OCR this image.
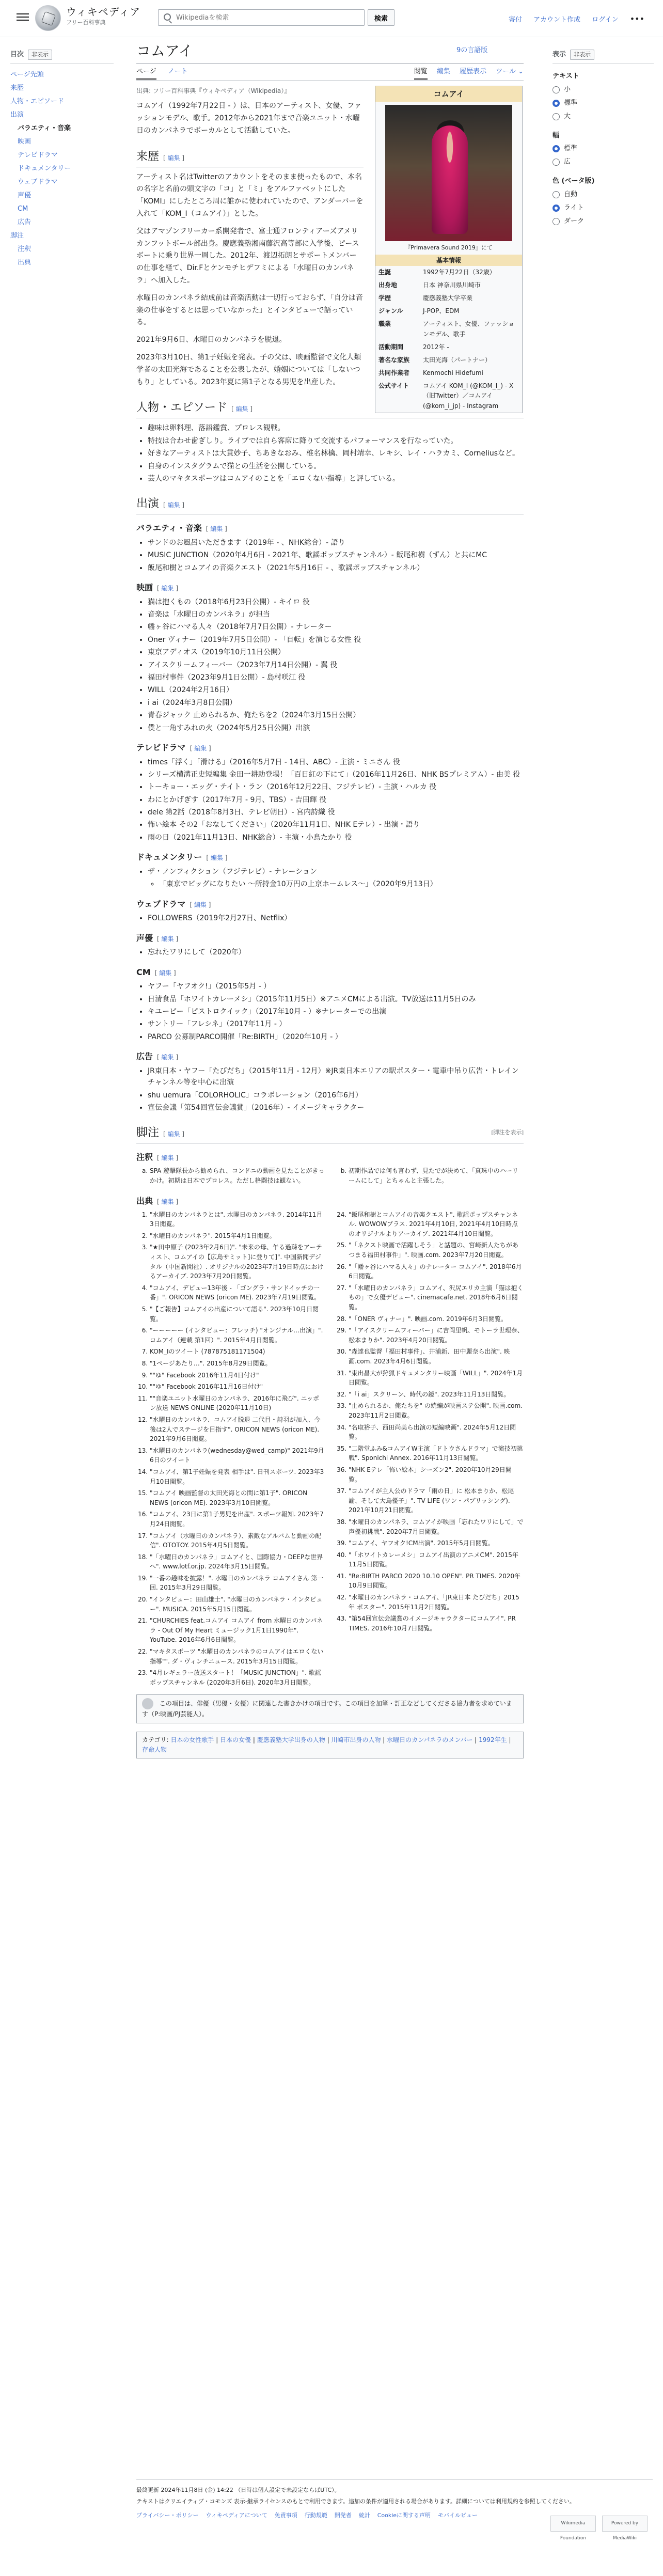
ウィキペディア
フリー百科事典
Wikipediaを検索	検索	寄付 アカウント作成 ログイン •••
目次	非表示
ページ先頭
来歴
人物・エピソード
出演
バラエティ・音楽
映画
テレビドラマ
ドキュメンタリー
ウェブドラマ
声優
CM
広告
脚注
注釈
出典
コムアイ	9の言語版
ページ ノート	閲覧 編集 履歴表示 ツール ⌄
出典: フリー百科事典『ウィキペディア（Wikipedia）』

コムアイ（1992年7月22日 - ）は、日本のアーティスト、女優、ファッションモデル、歌手。2012年から2021年まで音楽ユニット・水曜日のカンパネラでボーカルとして活動していた。

来歴 [ 編集 ]

アーティスト名はTwitterのアカウントをそのまま使ったもので、本名の名字と名前の頭文字の「コ」と「ミ」をアルファベットにした「KOMI」にしたところ周に誰かに使われていたので、アンダーバーを入れて「KOM_I（コムアイ）」とした。

父はアマゾンフリーカー系開発者で、富士通フロンティアーズアメリカンフットボール部出身。慶應義塾湘南藤沢高等部に入学後、ピースボートに乗り世界一周した。2012年、渡辺拓朗とサポートメンバーの仕事を経て、Dir.Fとケンモチヒデフミによる「水曜日のカンパネラ」へ加入した。

水曜日のカンパネラ結成前は音楽活動は一切行っておらず、「自分は音楽の仕事をするとは思っていなかった」とインタビューで語っている。

2021年9月6日、水曜日のカンパネラを脱退。

2023年3月10日、第1子妊娠を発表。子の父は、映画監督で文化人類学者の太田光海であることを公表したが、婚姻については「しないつもり」としている。2023年夏に第1子となる男児を出産した。

コムアイ
『Primavera Sound 2019』にて
基本情報
生誕	1992年7月22日（32歳）
出身地	日本 神奈川県川崎市
学歴	慶應義塾大学卒業
ジャンル	J-POP、EDM
職業	アーティスト、女優、ファッションモデル、歌手
活動期間	2012年 -
著名な家族	太田光海（パートナー）
共同作業者	Kenmochi Hidefumi
公式サイト	コムアイ KOM_I (@KOM_I_) - X（旧Twitter）／コムアイ (@kom_i_jp) - Instagram
人物・エピソード [ 編集 ]
• 趣味は卵料理、落語鑑賞、プロレス観戦。
• 特技は合わせ歯ぎしり。ライブでは自ら客席に降りて交流するパフォーマンスを行なっていた。
• 好きなアーティストは大貫妙子、ちあきなおみ、椎名林檎、岡村靖幸、レキシ、レイ・ハラカミ、Corneliusなど。
• 自身のインスタグラムで猫との生活を公開している。
• 芸人のマキタスポーツはコムアイのことを「エロくない指導」と評している。
出演 [ 編集 ]
バラエティ・音楽 [ 編集 ]
• サンドのお風呂いただきます（2019年 - 、NHK総合）- 語り
• MUSIC JUNCTION（2020年4月6日 - 2021年、歌謡ポップスチャンネル）- 飯尾和樹（ずん）と共にMC
• 飯尾和樹とコムアイの音楽クエスト（2021年5月16日 - 、歌謡ポップスチャンネル）
映画 [ 編集 ]
• 猫は抱くもの（2018年6月23日公開）- キイロ 役
• 音楽は「水曜日のカンパネラ」が担当
• 幡ヶ谷にハマる人々（2018年7月7日公開）- ナレーター
• Oner ヴィナー（2019年7月5日公開）- 「自転」を演じる女性 役
• 東京アディオス（2019年10月11日公開）
• アイスクリームフィーバー（2023年7月14日公開）- 翼 役
• 福田村事件（2023年9月1日公開）- 島村咲江 役
• WILL（2024年2月16日）
• i ai（2024年3月8日公開）
• 青春ジャック 止められるか、俺たちを2（2024年3月15日公開）
• 僕と一角すみれの火（2024年5月25日公開）出演
テレビドラマ [ 編集 ]
• times「浮く」「滑ける」（2016年5月7日 - 14日、ABC）- 主演・ミニさん 役
• シリーズ横溝正史短編集 金田一耕助登場！「百日紅の下にて」（2016年11月26日、NHK BSプレミアム）- 由美 役
• トーキョー・エッグ・テイト・ラン（2016年12月22日、フジテレビ）- 主演・ハルカ 役
• わにとかげぎす（2017年7月 - 9月、TBS）- 吉田輝 役
• dele 第2話（2018年8月3日、テレビ朝日）- 宮内詩織 役
• 怖い絵本 その2「おなしてください」（2020年11月1日、NHK Eテレ）- 出演・語り
• 雨の日（2021年11月13日、NHK総合）- 主演・小鳥たかり 役
ドキュメンタリー [ 編集 ]
• ザ・ノンフィクション（フジテレビ）- ナレーション
◦ 「東京でビッグになりたい ～所持金10万円の上京ホームレス～」（2020年9月13日）
ウェブドラマ [ 編集 ]
• FOLLOWERS（2019年2月27日、Netflix）
声優 [ 編集 ]
• 忘れたワリにして（2020年）
CM [ 編集 ]
• ヤフー「ヤフオク!」（2015年5月 - ）
• 日清食品「ホワイトカレーメシ」（2015年11月5日）※アニメCMによる出演。TV放送は11月5日のみ
• キユーピー「ピストロクイック」（2017年10月 - ）※ナレーターでの出演
• サントリー「フレシネ」（2017年11月 - ）
• PARCO 公募制PARCO開催「Re:BIRTH」（2020年10月 - ）
広告 [ 編集 ]
• JR東日本・ヤフー「たびだち」（2015年11月 - 12月）※JR東日本エリアの駅ポスター・電車中吊り広告・トレインチャンネル等を中心に出演
• shu uemura「COLORHOLIC」コラボレーション（2016年6月）
• 宣伝会議「第54回宣伝会議賞」（2016年）- イメージキャラクター
脚注 [ 編集 ]	[脚注を表示]
注釈 [ 編集 ]
a. SPA 遊撃隊長から勧められ、コンドニの動画を見たことがきっかけ。初期は日本でプロレス。ただし格闘技は観ない。
b. 初期作品では何も言わず、見たでが決めて、「真珠中のハーリームにして」とちゃんと主張した。
出典 [ 編集 ]
1. "水曜日のカンパネラとは". 水曜日のカンパネラ. 2014年11月3日閲覧。
2. "水曜日のカンパネラ". 2015年4月1日閲覧。
3. "★田中原子 (2023年2月6日)". "未来の母、午る過疎をアーティスト、コムアイの【広島サミット]に登りて]". 中国新聞デジタル（中国新聞社）. オリジナルの2023年7月19日時点におけるアーカイブ. 2023年7月20日閲覧。
4. "コムアイ、デビュー13年後 - 「ゴングラ・サンドイッチの一番」". ORICON NEWS (oricon ME). 2023年7月19日閲覧。
5. "【ご報告】コムアイの出産について語る". 2023年10月日閲覧。
6. "ーーーーー (インタビュー：フレッチ) "オンジナル…出演」". コムアイ（連載 第1回）". 2015年4月日閲覧。
7. KOM_Iのツイート (787875181171504)
8. "1ページあたり…". 2015年8月29日閲覧。
9. ""ゆ" Facebook 2016年11月4日付け"
10. ""ゆ" Facebook 2016年11月16日付け"
11. ""音楽ユニット水曜日のカンパネラ、2016年に飛び". ニッポン放送 NEWS ONLINE (2020年11月10日)
12. "水曜日のカンパネラ、コムアイ脱退 二代目・詩羽が加入、今後は2人でステージを目指す". ORICON NEWS (oricon ME). 2021年9月6日閲覧。
13. "水曜日のカンパネラ(wednesday@wed_camp)" 2021年9月6日のツイート
14. "コムアイ、第1子妊娠を発表 相手は". 日刊スポーツ. 2023年3月10日閲覧。
15. "コムアイ 映画監督の太田光海との間に第1子". ORICON NEWS (oricon ME). 2023年3月10日閲覧。
16. "コムアイ、23日に第1子男児を出産". スポーツ報知. 2023年7月24日閲覧。
17. "コムアイ（水曜日のカンパネラ）、素敵なアルバムと動画の配信". OTOTOY. 2015年4月5日閲覧。
18. "「水曜日のカンパネラ」コムアイと、国際協力・DEEPな世界へ". www.lotf.or.jp. 2024年3月15日閲覧。
19. "一番の趣味を披露！". 水曜日のカンパネラ コムアイさん 第一回. 2015年3月29日閲覧。
20. "インタビュー：田山雄士". "水曜日のカンパネラ・インタビュー". MUSICA. 2015年5月15日閲覧。
21. "CHURCHIES feat.コムアイ コムアイ from 水曜日のカンパネラ - Out Of My Heart ミュージック1月1日1990年". YouTube. 2016年6月6日閲覧。
22. "マキタスポーツ "水曜日のカンパネラのコムアイはエロくない指導"". ダ・ヴィンチニュース. 2015年3月15日閲覧。
23. "4月レギュラー放送スタート！「MUSIC JUNCTION」". 歌謡ポップスチャンネル (2020年3月6日). 2020年3月日閲覧。
24. "飯尾和樹とコムアイの音楽クエスト". 歌謡ポップスチャンネル. WOWOWプラス. 2021年4月10日, 2021年4月10日時点のオリジナルよりアーカイブ. 2021年4月10日閲覧。
25. "「ネクスト映画で活躍しそう」と話題の、宮崎新人たちがあつまる福田村事件」". 映画.com. 2023年7月20日閲覧。
26. "「幡ヶ谷にハマる人々」のナレーター コムアイ". 2018年6月6日閲覧。
27. "「水曜日のカンパネラ」コムアイ、沢尻エリカ主演「猫は抱くもの」で女優デビュー". cinemacafe.net. 2018年6月6日閲覧。
28. "「ONER ヴィナー」". 映画.com. 2019年6月3日閲覧。
29. "「アイスクリームフィーバー」に吉岡里帆、モトーラ世理奈、松本まりか". 2023年4月20日閲覧。
30. "森達也監督「福田村事件」、井浦新、田中麗奈ら出演". 映画.com. 2023年4月6日閲覧。
31. "東出昌大が狩猟ドキュメンタリー映画「WILL」". 2024年1月日閲覧。
32. "「i ai」スクリーン、時代の鏡". 2023年11月13日閲覧。
33. "止められるか、俺たちを" の続編が映画ステ公開". 映画.com. 2023年11月2日閲覧。
34. "名取裕子、西田尚美ら出演の短編映画". 2024年5月12日閲覧。
35. "二階堂ふみ&コムアイW主演「ドトウさんドラマ」で演技初挑戦". Sponichi Annex. 2016年11月13日閲覧。
36. "NHK Eテレ「怖い絵本」シーズン2". 2020年10月29日閲覧。
37. "コムアイが主人公のドラマ「雨の日」に 松本まりか、松尾諭、そして大島優子」". TV LIFE (ワン・パブリッシング). 2021年10月21日閲覧。
38. "水曜日のカンパネラ、コムアイが映画「忘れたワリにして」で声優初挑戦". 2020年7月日閲覧。
39. "コムアイ、ヤフオク!CM出演". 2015年5月日閲覧。
40. "「ホワイトカレーメシ」コムアイ出演のアニメCM". 2015年11月5日閲覧。
41. "Re:BIRTH PARCO 2020 10.10 OPEN". PR TIMES. 2020年10月9日閲覧。
42. "水曜日のカンパネラ・コムアイ、「JR東日本 たびだち」2015年 ポスター". 2015年11月2日閲覧。
43. "第54回宣伝会議賞のイメージキャラクターにコムアイ". PR TIMES. 2016年10月7日閲覧。
この項目は、俳優（男優・女優）に関連した書きかけの項目です。この項目を加筆・訂正などしてくださる協力者を求めています（P:映画/PJ芸能人）。
カテゴリ: 日本の女性歌手 | 日本の女優 | 慶應義塾大学出身の人物 | 川崎市出身の人物 | 水曜日のカンパネラのメンバー | 1992年生 | 存命人物
表示	非表示
テキスト
小
標準
大
幅
標準
広
色 (ベータ版)
自動
ライト
ダーク
最終更新 2024年11月8日 (金) 14:22 （日時は個人設定で未設定ならばUTC）。
テキストはクリエイティブ・コモンズ 表示-継承ライセンスのもとで利用できます。追加の条件が適用される場合があります。詳細については利用規約を参照してください。
プライバシー・ポリシー ウィキペディアについて 免責事項 行動規範 開発者 統計 Cookieに関する声明 モバイルビュー
Wikimedia Foundation
Powered by MediaWiki
